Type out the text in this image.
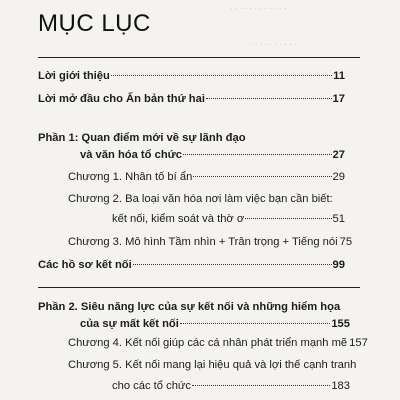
· · · · · · · · · · · ·
· · · · · · · · · ·
MỤC LỤC
Lời giới thiệu	11
Lời mở đầu cho Ấn bản thứ hai	17
Phần 1: Quan điểm mới về sự lãnh đạo
và văn hóa tổ chức	27
Chương 1. Nhân tố bí ẩn	29
Chương 2. Ba loại văn hóa nơi làm việc bạn cần biết:
kết nối, kiểm soát và thờ ơ	51
Chương 3. Mô hình Tầm nhìn + Trân trọng + Tiếng nói 75
Các hồ sơ kết nối	99
Phần 2. Siêu năng lực của sự kết nối và những hiểm họa
của sự mất kết nối	155
Chương 4. Kết nối giúp các cá nhân phát triển mạnh mẽ 157
Chương 5. Kết nối mang lại hiệu quả và lợi thế cạnh tranh
cho các tổ chức	183
